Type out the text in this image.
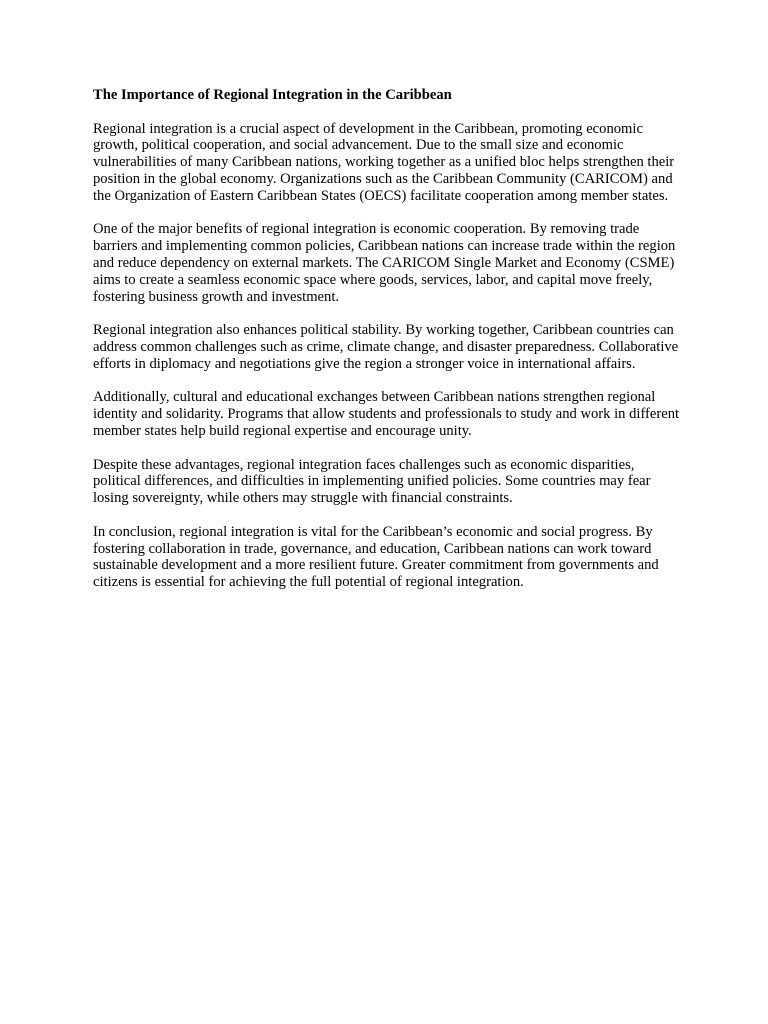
The Importance of Regional Integration in the Caribbean

Regional integration is a crucial aspect of development in the Caribbean, promoting economic growth, political cooperation, and social advancement. Due to the small size and economic vulnerabilities of many Caribbean nations, working together as a unified bloc helps strengthen their position in the global economy. Organizations such as the Caribbean Community (CARICOM) and the Organization of Eastern Caribbean States (OECS) facilitate cooperation among member states.

One of the major benefits of regional integration is economic cooperation. By removing trade barriers and implementing common policies, Caribbean nations can increase trade within the region and reduce dependency on external markets. The CARICOM Single Market and Economy (CSME) aims to create a seamless economic space where goods, services, labor, and capital move freely, fostering business growth and investment.

Regional integration also enhances political stability. By working together, Caribbean countries can address common challenges such as crime, climate change, and disaster preparedness. Collaborative efforts in diplomacy and negotiations give the region a stronger voice in international affairs.

Additionally, cultural and educational exchanges between Caribbean nations strengthen regional identity and solidarity. Programs that allow students and professionals to study and work in different member states help build regional expertise and encourage unity.

Despite these advantages, regional integration faces challenges such as economic disparities, political differences, and difficulties in implementing unified policies. Some countries may fear losing sovereignty, while others may struggle with financial constraints.

In conclusion, regional integration is vital for the Caribbean’s economic and social progress. By fostering collaboration in trade, governance, and education, Caribbean nations can work toward sustainable development and a more resilient future. Greater commitment from governments and citizens is essential for achieving the full potential of regional integration.
